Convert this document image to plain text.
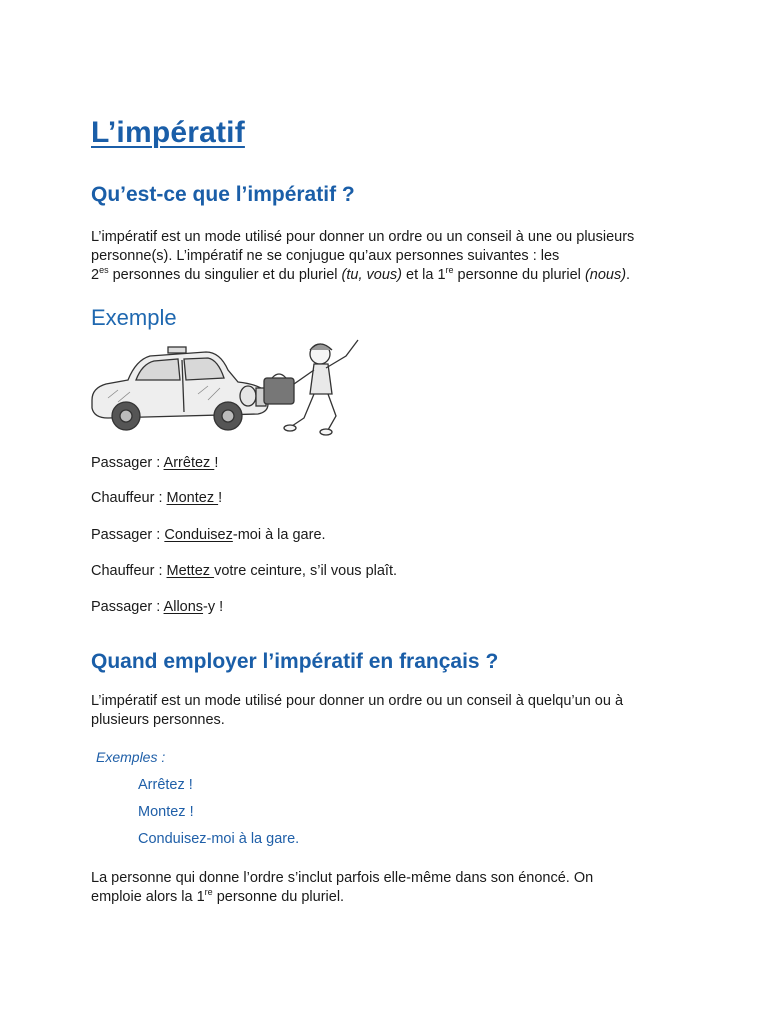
L’impératif
Qu’est-ce que l’impératif ?

L’impératif est un mode utilisé pour donner un ordre ou un conseil à une ou plusieurs

personne(s). L’impératif ne se conjugue qu’aux personnes suivantes : les

$2^{es}$ personnes du singulier et du pluriel (tu, vous) et la 1re personne du pluriel (nous).

Exemple

Passager : Arrêtez !

Chauffeur : Montez !

Passager : Conduisez-moi à la gare.

Chauffeur : Mettez votre ceinture, s’il vous plaît.

Passager : Allons-y !

Quand employer l’impératif en français ?

L’impératif est un mode utilisé pour donner un ordre ou un conseil à quelqu’un ou à

plusieurs personnes.

Exemples :

Arrêtez !

Montez !

Conduisez-moi à la gare.

La personne qui donne l’ordre s’inclut parfois elle-même dans son énoncé. On

emploie alors la 1re personne du pluriel.
